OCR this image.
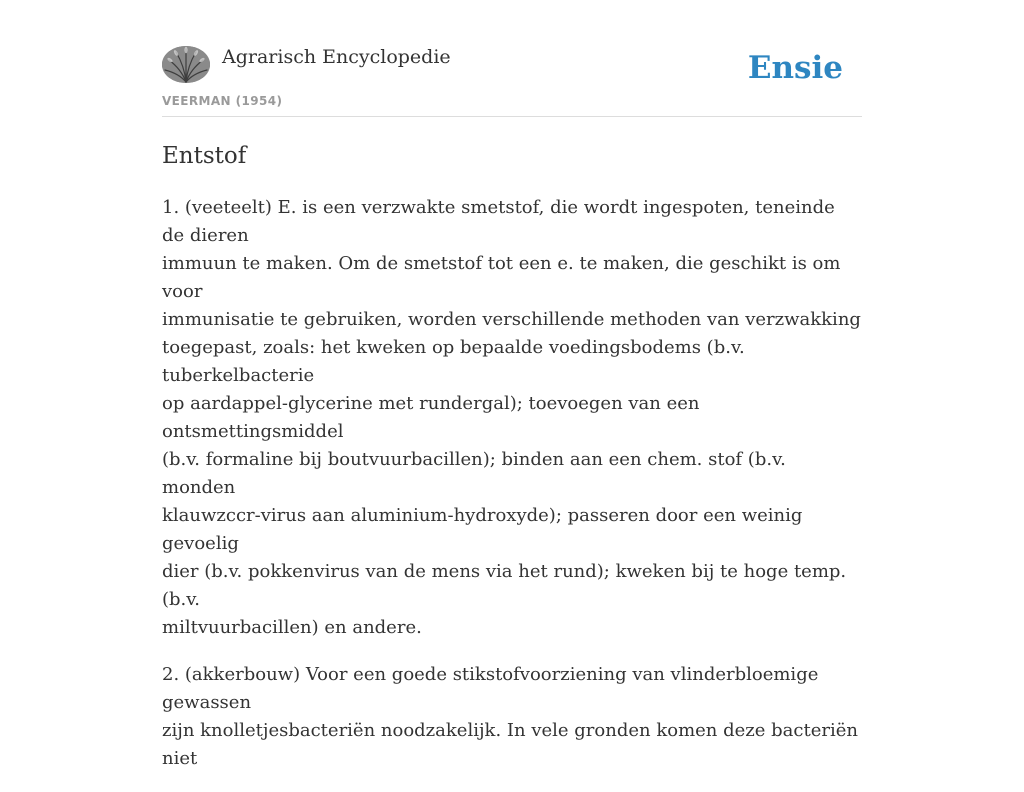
Agrarisch Encyclopedie
VEERMAN (1954)
Ensie
Entstof

1. (veeteelt) E. is een verzwakte smetstof, die wordt ingespoten, teneinde de dieren
immuun te maken. Om de smetstof tot een e. te maken, die geschikt is om voor
immunisatie te gebruiken, worden verschillende methoden van verzwakking
toegepast, zoals: het kweken op bepaalde voedingsbodems (b.v. tuberkelbacterie
op aardappel-glycerine met rundergal); toevoegen van een ontsmettingsmiddel
(b.v. formaline bij boutvuurbacillen); binden aan een chem. stof (b.v. monden
klauwzccr-virus aan aluminium-hydroxyde); passeren door een weinig gevoelig
dier (b.v. pokkenvirus van de mens via het rund); kweken bij te hoge temp. (b.v.
miltvuurbacillen) en andere.

2. (akkerbouw) Voor een goede stikstofvoorziening van vlinderbloemige gewassen
zijn knolletjesbacteriën noodzakelijk. In vele gronden komen deze bacteriën niet
